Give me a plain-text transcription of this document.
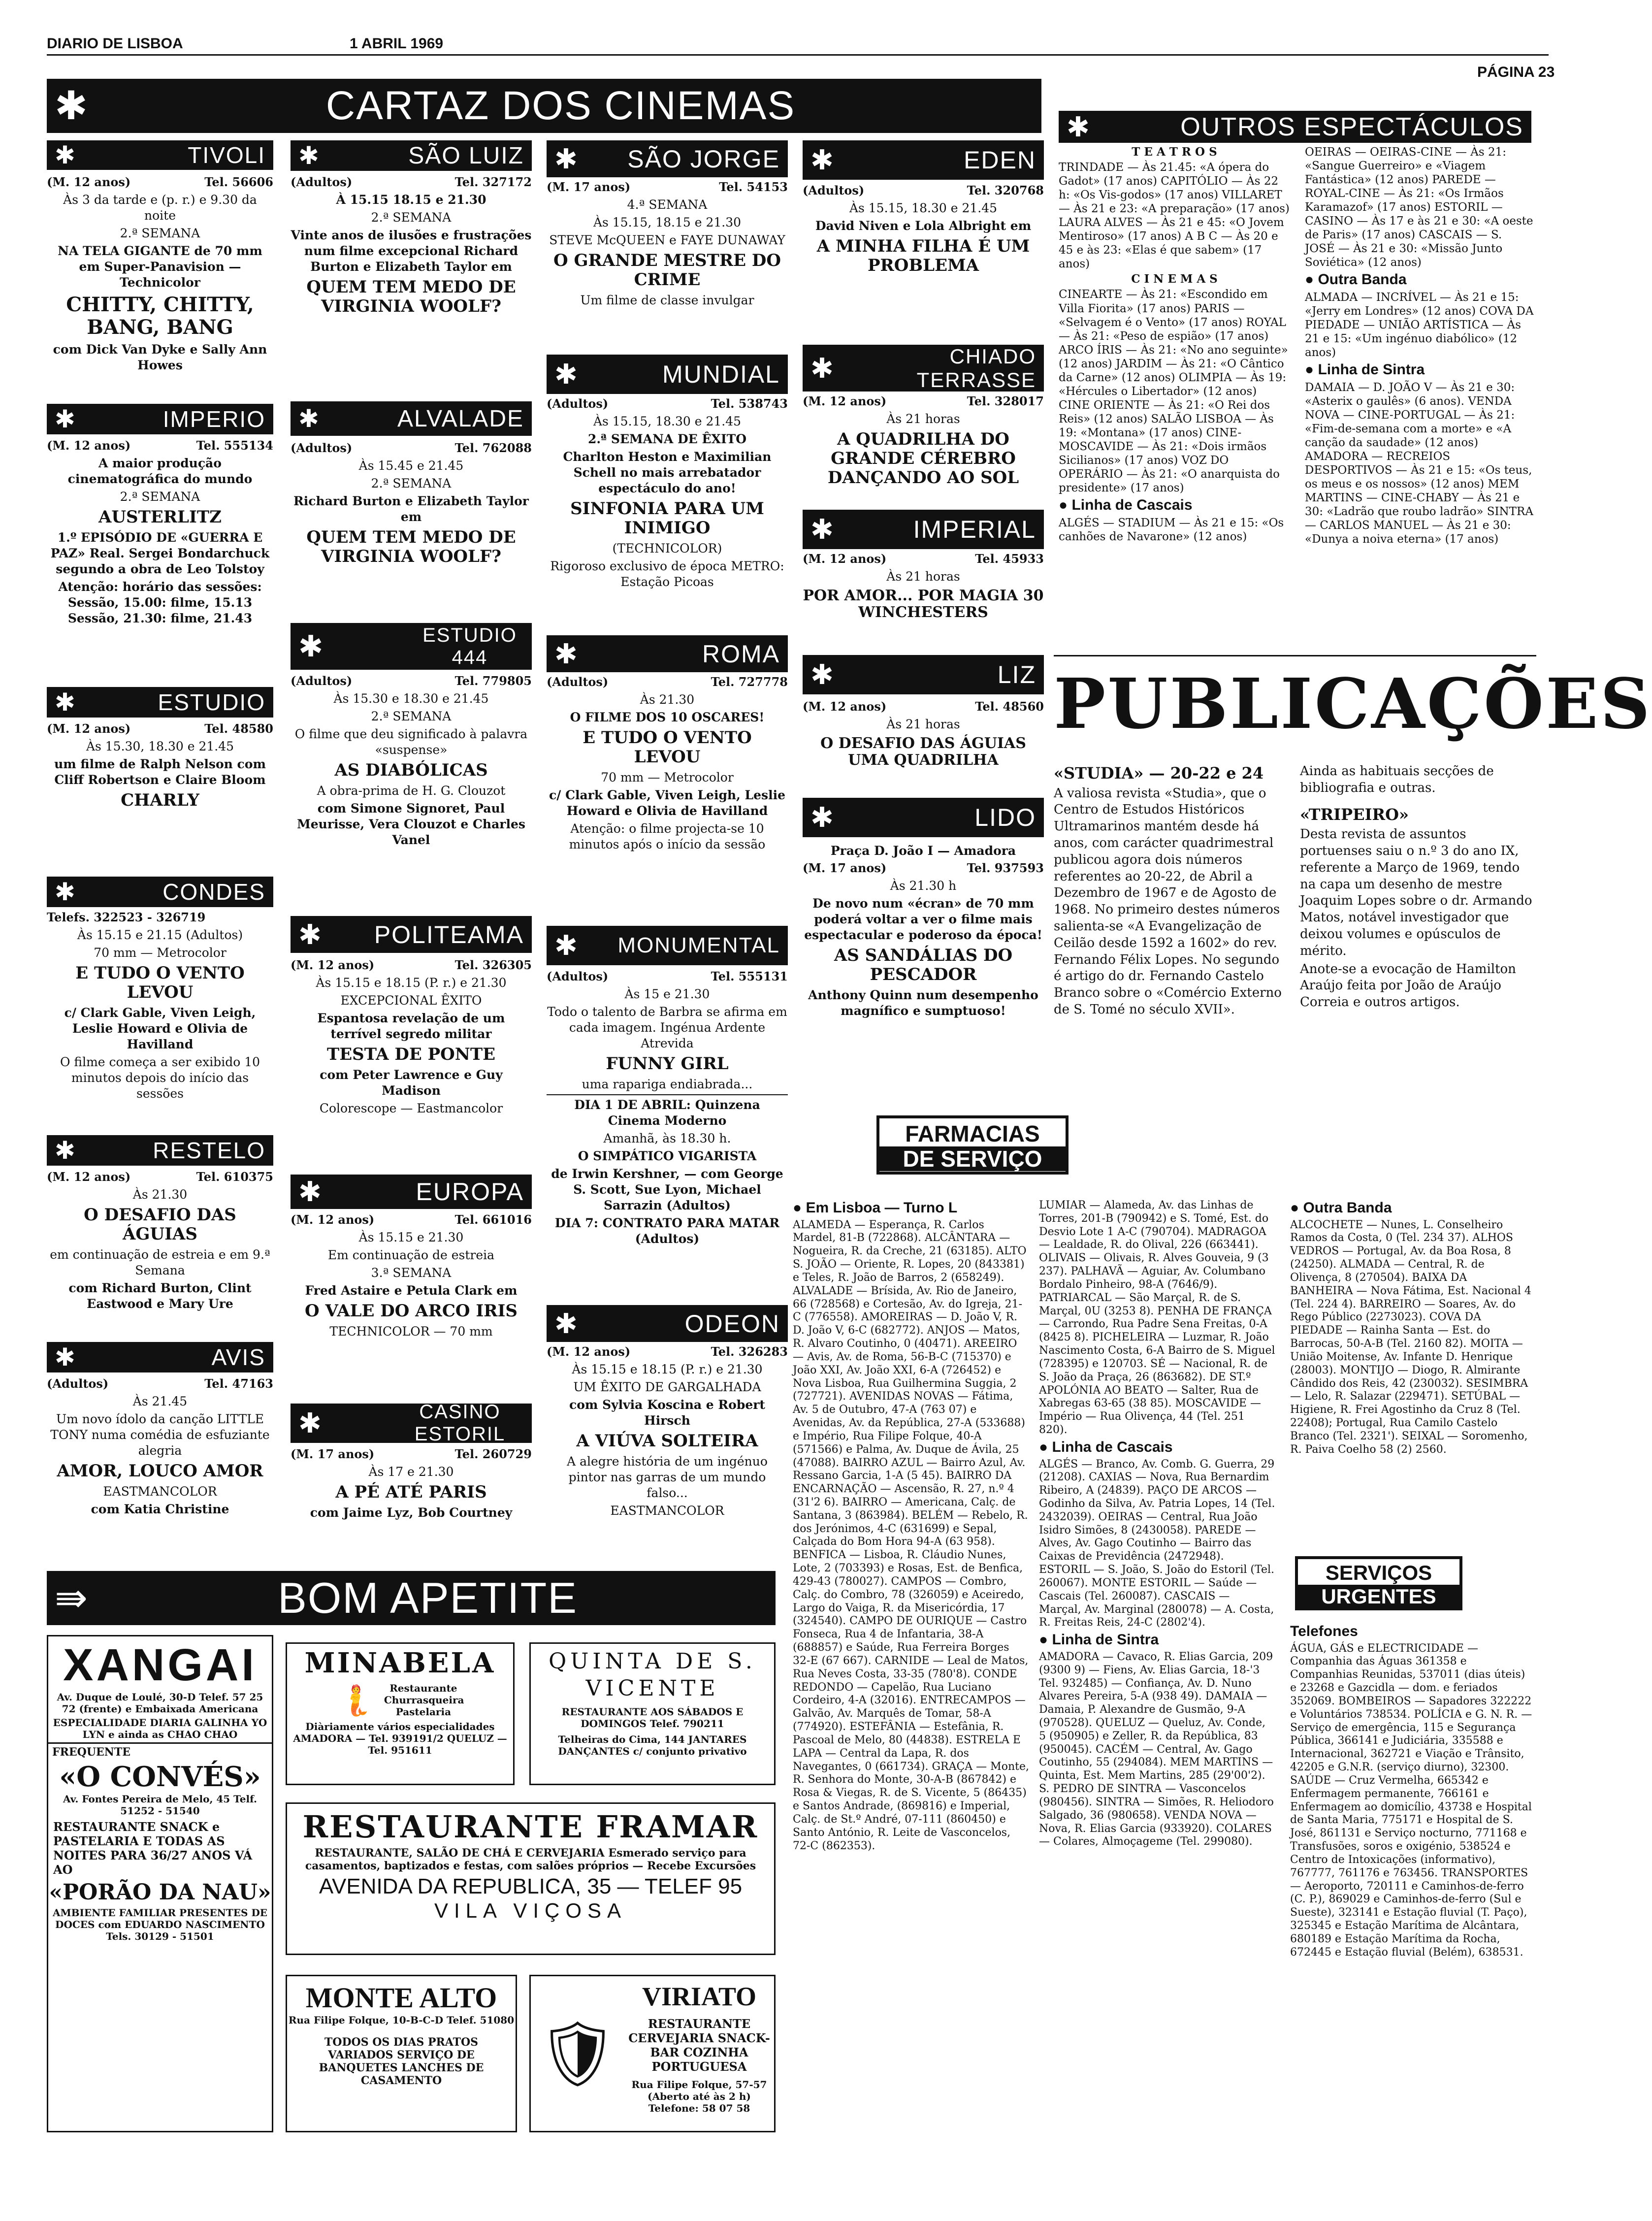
DIARIO DE LISBOA	1 ABRIL 1969
PÁGINA 23
✱	CARTAZ DOS CINEMAS	✱	OUTROS ESPECTÁCULOS
✱	TIVOLI
(M. 12 anos)	Tel. 56606

Às 3 da tarde e (p. r.) e 9.30 da noite

2.ª SEMANA

NA TELA GIGANTE de 70 mm em Super-Panavision — Technicolor

CHITTY, CHITTY, BANG, BANG

com Dick Van Dyke e Sally Ann Howes

✱	IMPERIO
(M. 12 anos)	Tel. 555134

A maior produção cinematográfica do mundo

2.ª SEMANA

AUSTERLITZ

1.º EPISÓDIO DE «GUERRA E PAZ» Real. Sergei Bondarchuck segundo a obra de Leo Tolstoy

Atenção: horário das sessões: Sessão, 15.00: filme, 15.13 Sessão, 21.30: filme, 21.43

✱	ESTUDIO
(M. 12 anos)	Tel. 48580

Às 15.30, 18.30 e 21.45

um filme de Ralph Nelson com Cliff Robertson e Claire Bloom

CHARLY
✱	CONDES
Telefs. 322523 - 326719

Às 15.15 e 21.15 (Adultos)

70 mm — Metrocolor

E TUDO O VENTO LEVOU

c/ Clark Gable, Viven Leigh, Leslie Howard e Olivia de Havilland

O filme começa a ser exibido 10 minutos depois do início das sessões

✱	RESTELO
(M. 12 anos)	Tel. 610375

Às 21.30

O DESAFIO DAS ÁGUIAS

em continuação de estreia e em 9.ª Semana

com Richard Burton, Clint Eastwood e Mary Ure

✱	AVIS
(Adultos)	Tel. 47163

Às 21.45

Um novo ídolo da canção LITTLE TONY numa comédia de esfuziante alegria

AMOR, LOUCO AMOR

EASTMANCOLOR

com Katia Christine

✱	SÃO LUIZ
(Adultos)	Tel. 327172

À 15.15 18.15 e 21.30

2.ª SEMANA

Vinte anos de ilusões e frustrações num filme excepcional Richard Burton e Elizabeth Taylor em

QUEM TEM MEDO DE VIRGINIA WOOLF?
✱	ALVALADE
(Adultos)	Tel. 762088

Às 15.45 e 21.45

2.ª SEMANA

Richard Burton e Elizabeth Taylor em

QUEM TEM MEDO DE VIRGINIA WOOLF?
✱	ESTUDIO 444
(Adultos)	Tel. 779805

Às 15.30 e 18.30 e 21.45

2.ª SEMANA

O filme que deu significado à palavra «suspense»

AS DIABÓLICAS

A obra-prima de H. G. Clouzot

com Simone Signoret, Paul Meurisse, Vera Clouzot e Charles Vanel

✱ POLITEAMA
(M. 12 anos)	Tel. 326305

Às 15.15 e 18.15 (P. r.) e 21.30

EXCEPCIONAL ÊXITO

Espantosa revelação de um terrível segredo militar

TESTA DE PONTE

com Peter Lawrence e Guy Madison

Colorescope — Eastmancolor

✱	EUROPA
(M. 12 anos)	Tel. 661016

Às 15.15 e 21.30

Em continuação de estreia

3.ª SEMANA

Fred Astaire e Petula Clark em

O VALE DO ARCO IRIS

TECHNICOLOR — 70 mm

✱	CASINO ESTORIL
(M. 17 anos)	Tel. 260729

Às 17 e 21.30

A PÉ ATÉ PARIS

com Jaime Lyz, Bob Courtney

✱ SÃO JORGE
(M. 17 anos)	Tel. 54153

4.ª SEMANA

Às 15.15, 18.15 e 21.30

STEVE McQUEEN e FAYE DUNAWAY

O GRANDE MESTRE DO CRIME

Um filme de classe invulgar

✱	MUNDIAL
(Adultos)	Tel. 538743

Às 15.15, 18.30 e 21.45

2.ª SEMANA DE ÊXITO

Charlton Heston e Maximilian Schell no mais arrebatador espectáculo do ano!

SINFONIA PARA UM INIMIGO

(TECHNICOLOR)

Rigoroso exclusivo de época METRO: Estação Picoas

✱	ROMA
(Adultos)	Tel. 727778

Às 21.30

O FILME DOS 10 OSCARES!

E TUDO O VENTO LEVOU

70 mm — Metrocolor

c/ Clark Gable, Viven Leigh, Leslie Howard e Olivia de Havilland

Atenção: o filme projecta-se 10 minutos após o início da sessão

✱ MONUMENTAL
(Adultos)	Tel. 555131

Às 15 e 21.30

Todo o talento de Barbra se afirma em cada imagem. Ingénua Ardente Atrevida

FUNNY GIRL

uma rapariga endiabrada...

DIA 1 DE ABRIL: Quinzena Cinema Moderno

Amanhã, às 18.30 h.

O SIMPÁTICO VIGARISTA

de Irwin Kershner, — com George S. Scott, Sue Lyon, Michael Sarrazin (Adultos)

DIA 7: CONTRATO PARA MATAR (Adultos)

✱	ODEON
(M. 12 anos)	Tel. 326283

Às 15.15 e 18.15 (P. r.) e 21.30

UM ÊXITO DE GARGALHADA

com Sylvia Koscina e Robert Hirsch

A VIÚVA SOLTEIRA

A alegre história de um ingénuo pintor nas garras de um mundo falso...

EASTMANCOLOR

✱	EDEN
(Adultos)	Tel. 320768

Às 15.15, 18.30 e 21.45

David Niven e Lola Albright em

A MINHA FILHA É UM PROBLEMA
✱	CHIADO TERRASSE
(M. 12 anos)	Tel. 328017

Às 21 horas

A QUADRILHA DO GRANDE CÉREBRO DANÇANDO AO SOL
✱	IMPERIAL
(M. 12 anos)	Tel. 45933

Às 21 horas

POR AMOR... POR MAGIA 30 WINCHESTERS
✱	LIZ
(M. 12 anos)	Tel. 48560

Às 21 horas

O DESAFIO DAS ÁGUIAS UMA QUADRILHA
✱	LIDO

Praça D. João I — Amadora

(M. 17 anos)	Tel. 937593

Às 21.30 h

De novo num «écran» de 70 mm poderá voltar a ver o filme mais espectacular e poderoso da época!

AS SANDÁLIAS DO PESCADOR

Anthony Quinn num desempenho magnífico e sumptuoso!

T E A T R O S

TRINDADE — Às 21.45: «A ópera do Gadot» (17 anos) CAPITÓLIO — Às 22 h: «Os Vis-godos» (17 anos) VILLARET — Às 21 e 23: «A preparação» (17 anos) LAURA ALVES — Às 21 e 45: «O Jovem Mentiroso» (17 anos) A B C — Às 20 e 45 e às 23: «Elas é que sabem» (17 anos)

C I N E M A S

CINEARTE — Às 21: «Escondido em Villa Fiorita» (17 anos) PARIS — «Selvagem é o Vento» (17 anos) ROYAL — Às 21: «Peso de espião» (17 anos) ARCO ÍRIS — Às 21: «No ano seguinte» (12 anos) JARDIM — Às 21: «O Cântico da Carne» (12 anos) OLIMPIA — Às 19: «Hércules o Libertador» (12 anos) CINE ORIENTE — Às 21: «O Rei dos Reis» (12 anos) SALÃO LISBOA — Às 19: «Montana» (17 anos) CINE-MOSCAVIDE — Às 21: «Dois irmãos Sicilianos» (17 anos) VOZ DO OPERÁRIO — Às 21: «O anarquista do presidente» (17 anos)

● Linha de Cascais

ALGÉS — STADIUM — Às 21 e 15: «Os canhões de Navarone» (12 anos)

OEIRAS — OEIRAS-CINE — Às 21: «Sangue Guerreiro» e «Viagem Fantástica» (12 anos) PAREDE — ROYAL-CINE — Às 21: «Os Irmãos Karamazof» (17 anos) ESTORIL — CASINO — Às 17 e às 21 e 30: «A oeste de Paris» (17 anos) CASCAIS — S. JOSÉ — Às 21 e 30: «Missão Junto Soviética» (12 anos)

● Outra Banda

ALMADA — INCRÍVEL — Às 21 e 15: «Jerry em Londres» (12 anos) COVA DA PIEDADE — UNIÃO ARTÍSTICA — Às 21 e 15: «Um ingénuo diabólico» (12 anos)

● Linha de Sintra

DAMAIA — D. JOÃO V — Às 21 e 30: «Asterix o gaulês» (6 anos). VENDA NOVA — CINE-PORTUGAL — Às 21: «Fim-de-semana com a morte» e «A canção da saudade» (12 anos) AMADORA — RECREIOS DESPORTIVOS — Às 21 e 15: «Os teus, os meus e os nossos» (12 anos) MEM MARTINS — CINE-CHABY — Às 21 e 30: «Ladrão que roubo ladrão» SINTRA — CARLOS MANUEL — Às 21 e 30: «Dunya a noiva eterna» (17 anos)

PUBLICAÇÕES

«STUDIA» — 20-22 e 24

A valiosa revista «Studia», que o Centro de Estudos Históricos Ultramarinos mantém desde há anos, com carácter quadrimestral publicou agora dois números referentes ao 20-22, de Abril a Dezembro de 1967 e de Agosto de 1968. No primeiro destes números salienta-se «A Evangelização de Ceilão desde 1592 a 1602» do rev. Fernando Félix Lopes. No segundo é artigo do dr. Fernando Castelo Branco sobre o «Comércio Externo de S. Tomé no século XVII».

Ainda as habituais secções de bibliografia e outras.

«TRIPEIRO»

Desta revista de assuntos portuenses saiu o n.º 3 do ano IX, referente a Março de 1969, tendo na capa um desenho de mestre Joaquim Lopes sobre o dr. Armando Matos, notável investigador que deixou volumes e opúsculos de mérito.

Anote-se a evocação de Hamilton Araújo feita por João de Araújo Correia e outros artigos.

FARMACIAS
DE SERVIÇO

● Em Lisboa — Turno L

ALAMEDA — Esperança, R. Carlos Mardel, 81-B (722868). ALCÂNTARA — Nogueira, R. da Creche, 21 (63185). ALTO S. JOÃO — Oriente, R. Lopes, 20 (843381) e Teles, R. João de Barros, 2 (658249). ALVALADE — Brísida, Av. Rio de Janeiro, 66 (728568) e Cortesão, Av. do Igreja, 21-C (776558). AMOREIRAS — D. João V, R. D. João V, 6-C (682772). ANJOS — Matos, R. Alvaro Coutinho, 0 (40471). AREEIRO — Avis, Av. de Roma, 56-B-C (715370) e João XXI, Av. João XXI, 6-A (726452) e Nova Lisboa, Rua Guilhermina Suggia, 2 (727721). AVENIDAS NOVAS — Fátima, Av. 5 de Outubro, 47-A (763 07) e Avenidas, Av. da República, 27-A (533688) e Império, Rua Filipe Folque, 40-A (571566) e Palma, Av. Duque de Ávila, 25 (47088). BAIRRO AZUL — Bairro Azul, Av. Ressano Garcia, 1-A (5 45). BAIRRO DA ENCARNAÇÃO — Ascensão, R. 27, n.º 4 (31'2 6). BAIRRO — Americana, Calç. de Santana, 3 (863984). BELÉM — Rebelo, R. dos Jerónimos, 4-C (631699) e Sepal, Calçada do Bom Hora 94-A (63 958). BENFICA — Lisboa, R. Cláudio Nunes, Lote, 2 (703393) e Rosas, Est. de Benfica, 429-43 (780027). CAMPOS — Combro, Calç. do Combro, 78 (326059) e Aceiredo, Largo do Vaiga, R. da Misericórdia, 17 (324540). CAMPO DE OURIQUE — Castro Fonseca, Rua 4 de Infantaria, 38-A (688857) e Saúde, Rua Ferreira Borges 32-E (67 667). CARNIDE — Leal de Matos, Rua Neves Costa, 33-35 (780'8). CONDE REDONDO — Capelão, Rua Luciano Cordeiro, 4-A (32016). ENTRECAMPOS — Galvão, Av. Marquês de Tomar, 58-A (774920). ESTEFÂNIA — Estefânia, R. Pascoal de Melo, 80 (44838). ESTRELA E LAPA — Central da Lapa, R. dos Navegantes, 0 (661734). GRAÇA — Monte, R. Senhora do Monte, 30-A-B (867842) e Rosa & Viegas, R. de S. Vicente, 5 (86435) e Santos Andrade, (869816) e Imperial, Calç. de St.º André, 07-111 (860450) e Santo António, R. Leite de Vasconcelos, 72-C (862353).

LUMIAR — Alameda, Av. das Linhas de Torres, 201-B (790942) e S. Tomé, Est. do Desvio Lote 1 A-C (790704). MADRAGOA — Lealdade, R. do Olival, 226 (663441). OLIVAIS — Olivais, R. Alves Gouveia, 9 (3 237). PALHAVÃ — Aguiar, Av. Columbano Bordalo Pinheiro, 98-A (7646/9). PATRIARCAL — São Marçal, R. de S. Marçal, 0U (3253 8). PENHA DE FRANÇA — Carrondo, Rua Padre Sena Freitas, 0-A (8425 8). PICHELEIRA — Luzmar, R. João Nascimento Costa, 6-A Bairro de S. Miguel (728395) e 120703. SÉ — Nacional, R. de S. João da Praça, 26 (863682). DE ST.º APOLÓNIA AO BEATO — Salter, Rua de Xabregas 63-65 (38 85). MOSCAVIDE — Império — Rua Olivença, 44 (Tel. 251 820).

● Linha de Cascais

ALGÉS — Branco, Av. Comb. G. Guerra, 29 (21208). CAXIAS — Nova, Rua Bernardim Ribeiro, A (24839). PAÇO DE ARCOS — Godinho da Silva, Av. Patria Lopes, 14 (Tel. 2432039). OEIRAS — Central, Rua João Isidro Simões, 8 (2430058). PAREDE — Alves, Av. Gago Coutinho — Bairro das Caixas de Previdência (2472948). ESTORIL — S. João, S. João do Estoril (Tel. 260067). MONTE ESTORIL — Saúde — Cascais (Tel. 260087). CASCAIS — Marçal, Av. Marginal (280078) — A. Costa, R. Freitas Reis, 24-C (2802'4).

● Linha de Sintra

AMADORA — Cavaco, R. Elias Garcia, 209 (9300 9) — Fiens, Av. Elias Garcia, 18-'3 Tel. 932485) — Confiança, Av. D. Nuno Alvares Pereira, 5-A (938 49). DAMAIA — Damaia, P. Alexandre de Gusmão, 9-A (970528). QUELUZ — Queluz, Av. Conde, 5 (950905) e Zeller, R. da República, 83 (950045). CACÉM — Central, Av. Gago Coutinho, 55 (294084). MEM MARTINS — Quinta, Est. Mem Martins, 285 (29'00'2). S. PEDRO DE SINTRA — Vasconcelos (980456). SINTRA — Simões, R. Heliodoro Salgado, 36 (980658). VENDA NOVA — Nova, R. Elias Garcia (933920). COLARES — Colares, Almoçageme (Tel. 299080).

● Outra Banda

ALCOCHETE — Nunes, L. Conselheiro Ramos da Costa, 0 (Tel. 234 37). ALHOS VEDROS — Portugal, Av. da Boa Rosa, 8 (24250). ALMADA — Central, R. de Olivença, 8 (270504). BAIXA DA BANHEIRA — Nova Fátima, Est. Nacional 4 (Tel. 224 4). BARREIRO — Soares, Av. do Rego Público (2273023). COVA DA PIEDADE — Rainha Santa — Est. do Barrocas, 50-A-B (Tel. 2160 82). MOITA — União Moitense, Av. Infante D. Henrique (28003). MONTIJO — Diogo, R. Almirante Cândido dos Reis, 42 (230032). SESIMBRA — Lelo, R. Salazar (229471). SETÚBAL — Higiene, R. Frei Agostinho da Cruz 8 (Tel. 22408); Portugal, Rua Camilo Castelo Branco (Tel. 2321'). SEIXAL — Soromenho, R. Paiva Coelho 58 (2) 2560.

SERVIÇOS
URGENTES

Telefones

ÁGUA, GÁS e ELECTRICIDADE — Companhia das Águas 361358 e Companhias Reunidas, 537011 (dias úteis) e 23268 e Gazcidla — dom. e feriados 352069. BOMBEIROS — Sapadores 322222 e Voluntários 738534. POLÍCIA e G. N. R. — Serviço de emergência, 115 e Segurança Pública, 366141 e Judiciária, 335588 e Internacional, 362721 e Viação e Trânsito, 42205 e G.N.R. (serviço diurno), 32300. SAÚDE — Cruz Vermelha, 665342 e Enfermagem permanente, 766161 e Enfermagem ao domicílio, 43738 e Hospital de Santa Maria, 775171 e Hospital de S. José, 861131 e Serviço nocturno, 771168 e Transfusões, soros e oxigénio, 538524 e Centro de Intoxicações (informativo), 767777, 761176 e 763456. TRANSPORTES — Aeroporto, 720111 e Caminhos-de-ferro (C. P.), 869029 e Caminhos-de-ferro (Sul e Sueste), 323141 e Estação fluvial (T. Paço), 325345 e Estação Marítima de Alcântara, 680189 e Estação Marítima da Rocha, 672445 e Estação fluvial (Belém), 638531.

⇛	BOM APETITE
XANGAI
Av. Duque de Loulé, 30-D Telef. 57 25 72 (frente) e Embaixada Americana
ESPECIALIDADE DIARIA GALINHA YO LYN e ainda as CHAO CHAO
FREQUENTE
«O CONVÉS»
Av. Fontes Pereira de Melo, 45 Telf. 51252 - 51540
RESTAURANTE SNACK e PASTELARIA E TODAS AS NOITES PARA 36/27 ANOS VÁ AO
«PORÃO DA NAU»
AMBIENTE FAMILIAR PRESENTES DE DOCES com EDUARDO NASCIMENTO Tels. 30129 - 51501
MINABELA
🧜	Restaurante Churrasqueira Pastelaria
Diàriamente vários especialidades
AMADORA — Tel. 939191/2 QUELUZ — Tel. 951611
QUINTA DE S. VICENTE
RESTAURANTE AOS SÁBADOS E DOMINGOS Telef. 790211
Telheiras do Cima, 144 JANTARES DANÇANTES c/ conjunto privativo
RESTAURANTE FRAMAR
RESTAURANTE, SALÃO DE CHÁ E CERVEJARIA Esmerado serviço para casamentos, baptizados e festas, com salões próprios — Recebe Excursões
AVENIDA DA REPUBLICA, 35 — TELEF 95
VILA VIÇOSA
MONTE ALTO
Rua Filipe Folque, 10-B-C-D Telef. 51080
TODOS OS DIAS PRATOS VARIADOS SERVIÇO DE BANQUETES LANCHES DE CASAMENTO	🛡
VIRIATO
RESTAURANTE CERVEJARIA SNACK-BAR COZINHA PORTUGUESA
Rua Filipe Folque, 57-57 (Aberto até às 2 h) Telefone: 58 07 58
